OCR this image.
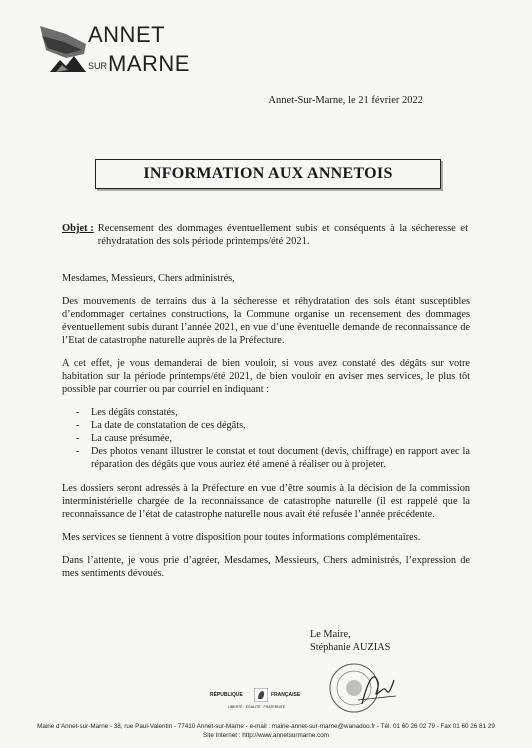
ANNET
SUR MARNE
Annet-Sur-Marne, le 21 février 2022
INFORMATION AUX ANNETOIS
Objet : Recensement des dommages éventuellement subis et conséquents à la sécheresse et réhydratation des sols période printemps/été 2021.

Mesdames, Messieurs, Chers administrés,

Des mouvements de terrains dus à la sécheresse et réhydratation des sols étant susceptibles d’endommager certaines constructions, la Commune organise un recensement des dommages éventuellement subis durant l’année 2021, en vue d’une éventuelle demande de reconnaissance de l’Etat de catastrophe naturelle auprès de la Préfecture.

A cet effet, je vous demanderai de bien vouloir, si vous avez constaté des dégâts sur votre habitation sur la période printemps/été 2021, de bien vouloir en aviser mes services, le plus tôt possible par courrier ou par courriel en indiquant :

- Les dégâts constatés,
- La date de constatation de ces dégâts,
- La cause présumée,
- Des photos venant illustrer le constat et tout document (devis, chiffrage) en rapport avec la réparation des dégâts que vous auriez été amené à réaliser ou à projeter.

Les dossiers seront adressés à la Préfecture en vue d’être soumis à la décision de la commission interministérielle chargée de la reconnaissance de catastrophe naturelle (il est rappelé que la reconnaissance de l’état de catastrophe naturelle nous avait été refusée l’année précédente.

Mes services se tiennent à votre disposition pour toutes informations complémentaires.

Dans l’attente, je vous prie d’agréer, Mesdames, Messieurs, Chers administrés, l’expression de mes sentiments dévoués.

Le Maire,
Stéphanie AUZIAS
RÉPUBLIQUE	FRANÇAISE
LIBERTÉ · ÉGALITÉ · FRATERNITÉ
Mairie d’Annet-sur-Marne - 38, rue Paul-Valentin - 77410 Annet-sur-Marne - e-mail : mairie-annet-sur-marne@wanadoo.fr - Tél. 01 60 26 02 79 - Fax 01 60 26 81 29
Site Internet : http://www.annetsurmarne.com
